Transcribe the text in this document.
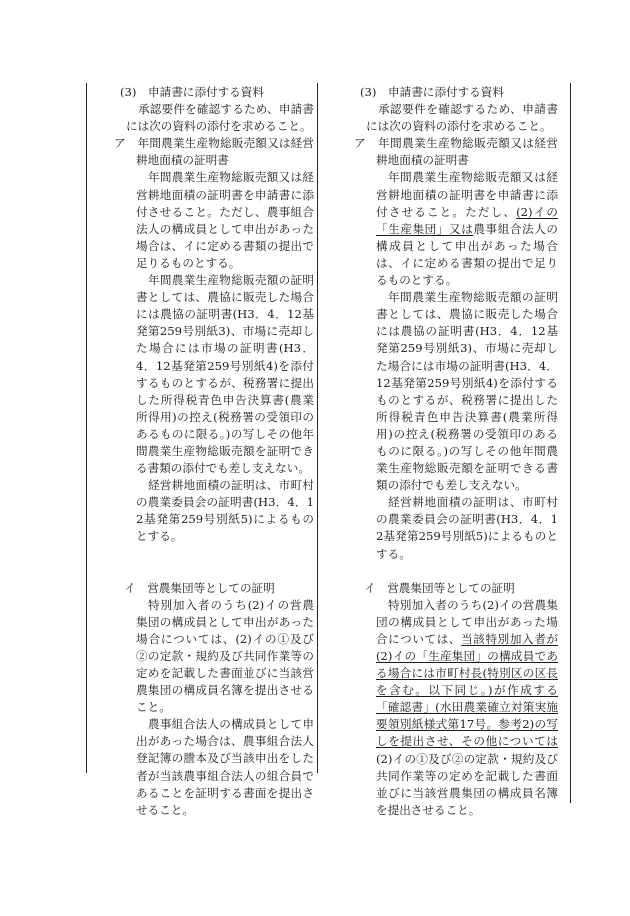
(3)　申請書に添付する資料

承認要件を確認するため、申請書には次の資料の添付を求めること。

ア　年間農業生産物総販売額又は経営耕地面積の証明書

年間農業生産物総販売額又は経営耕地面積の証明書を申請書に添付させること。ただし、農事組合法人の構成員として申出があった場合は、イに定める書類の提出で足りるものとする。

年間農業生産物総販売額の証明書としては、農協に販売した場合には農協の証明書(H3．4．12基発第259号別紙3)、市場に売却した場合には市場の証明書(H3．4．12基発第259号別紙4)を添付するものとするが、税務署に提出した所得税青色申告決算書(農業所得用)の控え(税務署の受領印のあるものに限る。)の写しその他年間農業生産物総販売額を証明できる書類の添付でも差し支えない。

経営耕地面積の証明は、市町村の農業委員会の証明書(H3．4．12基発第259号別紙5)によるものとする。

イ　営農集団等としての証明

特別加入者のうち(2)イの営農集団の構成員として申出があった場合については、(2)イの①及び②の定款・規約及び共同作業等の定めを記載した書面並びに当該営農集団の構成員名簿を提出させること。

農事組合法人の構成員として申出があった場合は、農事組合法人登記簿の謄本及び当該申出をした者が当該農事組合法人の組合員であることを証明する書面を提出させること。

(3)　申請書に添付する資料

承認要件を確認するため、申請書には次の資料の添付を求めること。

ア　年間農業生産物総販売額又は経営耕地面積の証明書

年間農業生産物総販売額又は経営耕地面積の証明書を申請書に添付させること。ただし、(2)イの「生産集団」又は農事組合法人の構成員として申出があった場合は、イに定める書類の提出で足りるものとする。

年間農業生産物総販売額の証明書としては、農協に販売した場合には農協の証明書(H3．4．12基発第259号別紙3)、市場に売却した場合には市場の証明書(H3．4．12基発第259号別紙4)を添付するものとするが、税務署に提出した所得税青色申告決算書(農業所得用)の控え(税務署の受領印のあるものに限る。)の写しその他年間農業生産物総販売額を証明できる書類の添付でも差し支えない。

経営耕地面積の証明は、市町村の農業委員会の証明書(H3．4．12基発第259号別紙5)によるものとする。

イ　営農集団等としての証明

特別加入者のうち(2)イの営農集団の構成員として申出があった場合については、当該特別加入者が(2)イの「生産集団」の構成員である場合には市町村長(特別区の区長を含む。以下同じ。)が作成する「確認書」(水田農業確立対策実施要領別紙様式第17号。参考2)の写しを提出させ、その他については(2)イの①及び②の定款・規約及び共同作業等の定めを記載した書面並びに当該営農集団の構成員名簿を提出させること。
